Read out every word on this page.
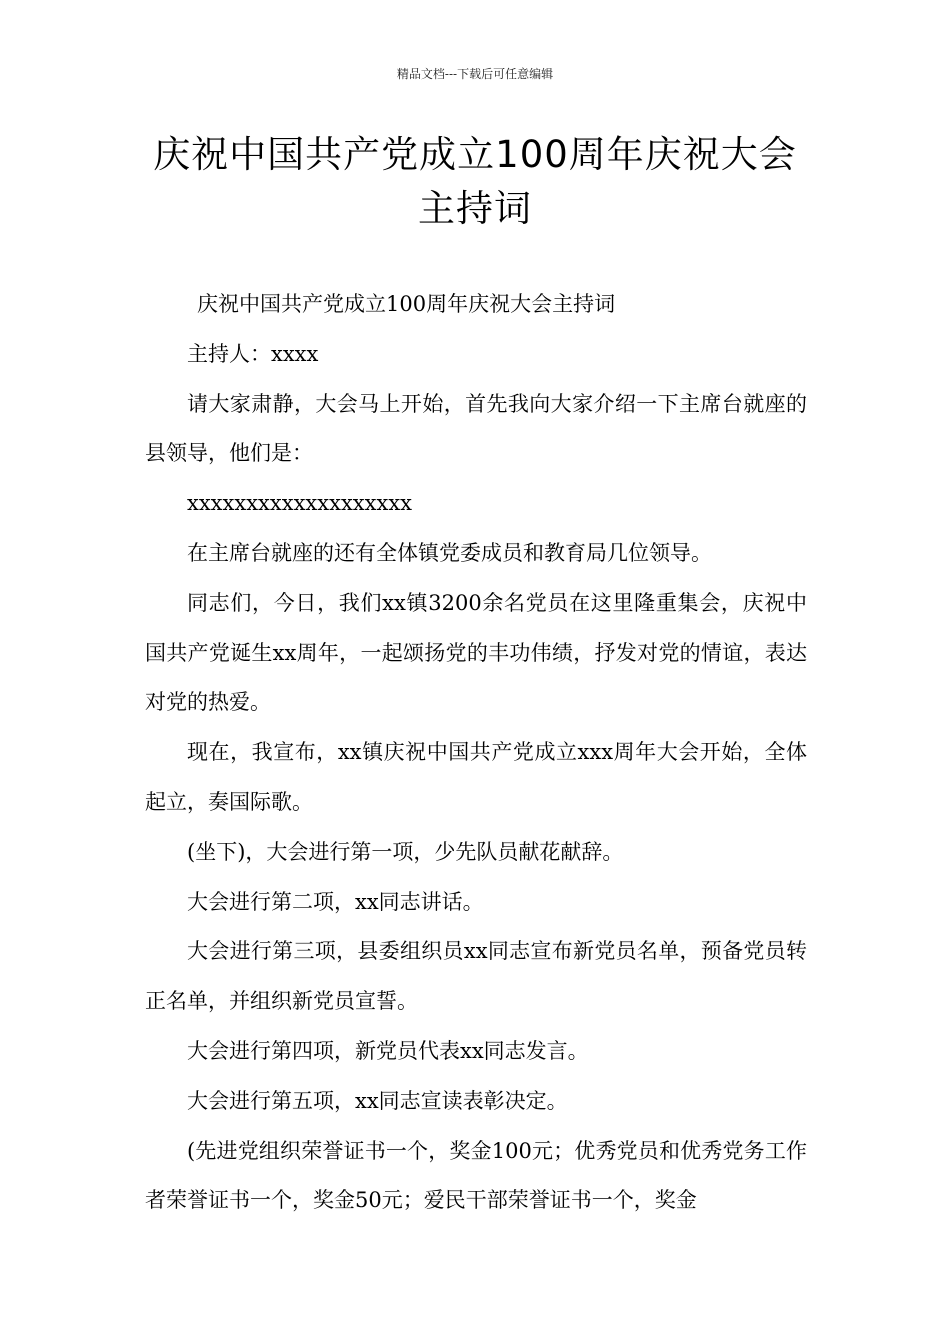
精品文档---下载后可任意编辑
庆祝中国共产党成立100周年庆祝大会
主持词

庆祝中国共产党成立100周年庆祝大会主持词

主持人：xxxx

请大家肃静，大会马上开始，首先我向大家介绍一下主席台就座的县领导，他们是：

xxxxxxxxxxxxxxxxxxx

在主席台就座的还有全体镇党委成员和教育局几位领导。

同志们，今日，我们xx镇3200余名党员在这里隆重集会，庆祝中国共产党诞生xx周年，一起颂扬党的丰功伟绩，抒发对党的情谊，表达对党的热爱。

现在，我宣布，xx镇庆祝中国共产党成立xxx周年大会开始，全体起立，奏国际歌。

(坐下)，大会进行第一项，少先队员献花献辞。

大会进行第二项，xx同志讲话。

大会进行第三项，县委组织员xx同志宣布新党员名单，预备党员转正名单，并组织新党员宣誓。

大会进行第四项，新党员代表xx同志发言。

大会进行第五项，xx同志宣读表彰决定。

(先进党组织荣誉证书一个，奖金100元；优秀党员和优秀党务工作者荣誉证书一个，奖金50元；爱民干部荣誉证书一个，奖金
